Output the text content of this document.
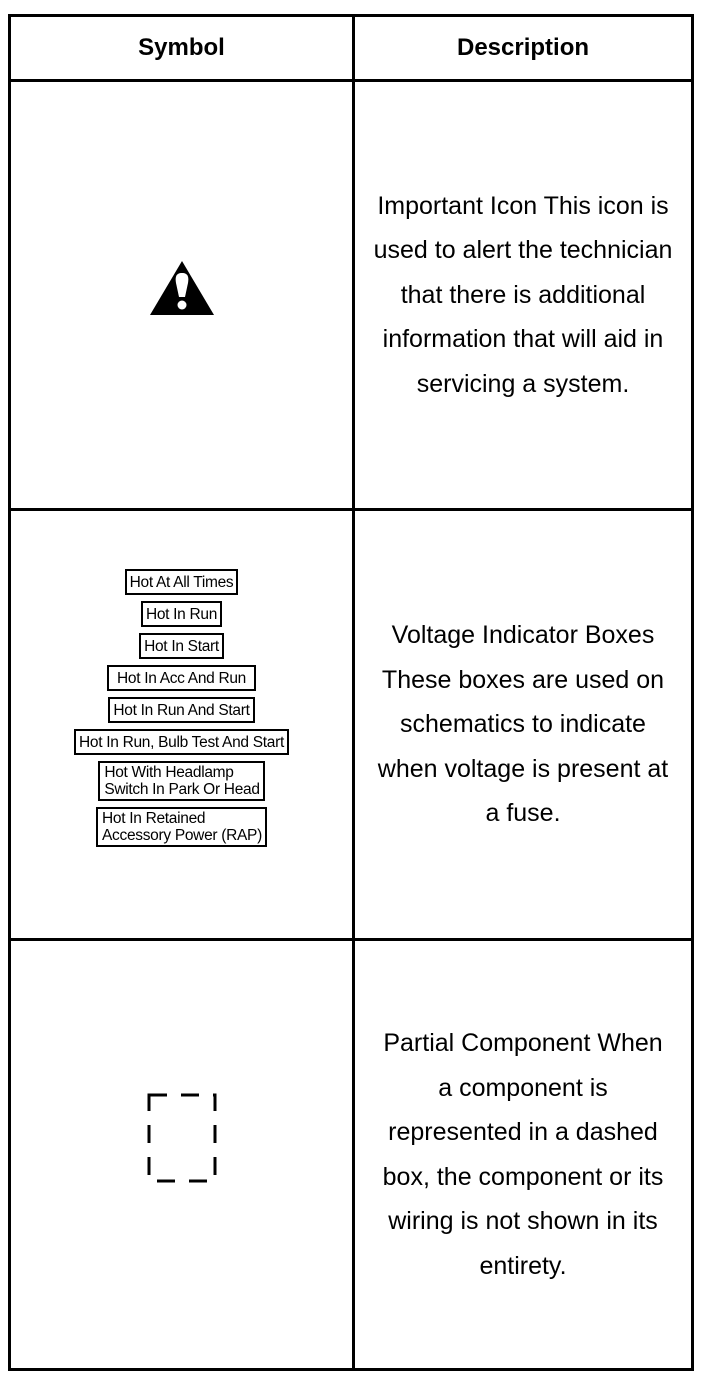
Symbol	Description
Important Icon This icon is used to alert the technician that there is additional information that will aid in servicing a system.
Hot At All Times
Hot In Run
Hot In Start
Hot In Acc And Run
Hot In Run And Start
Hot In Run, Bulb Test And Start
Hot With Headlamp
Switch In Park Or Head
Hot In Retained
Accessory Power (RAP)
Voltage Indicator Boxes These boxes are used on schematics to indicate when voltage is present at a fuse.
Partial Component When a component is represented in a dashed box, the component or its wiring is not shown in its entirety.
